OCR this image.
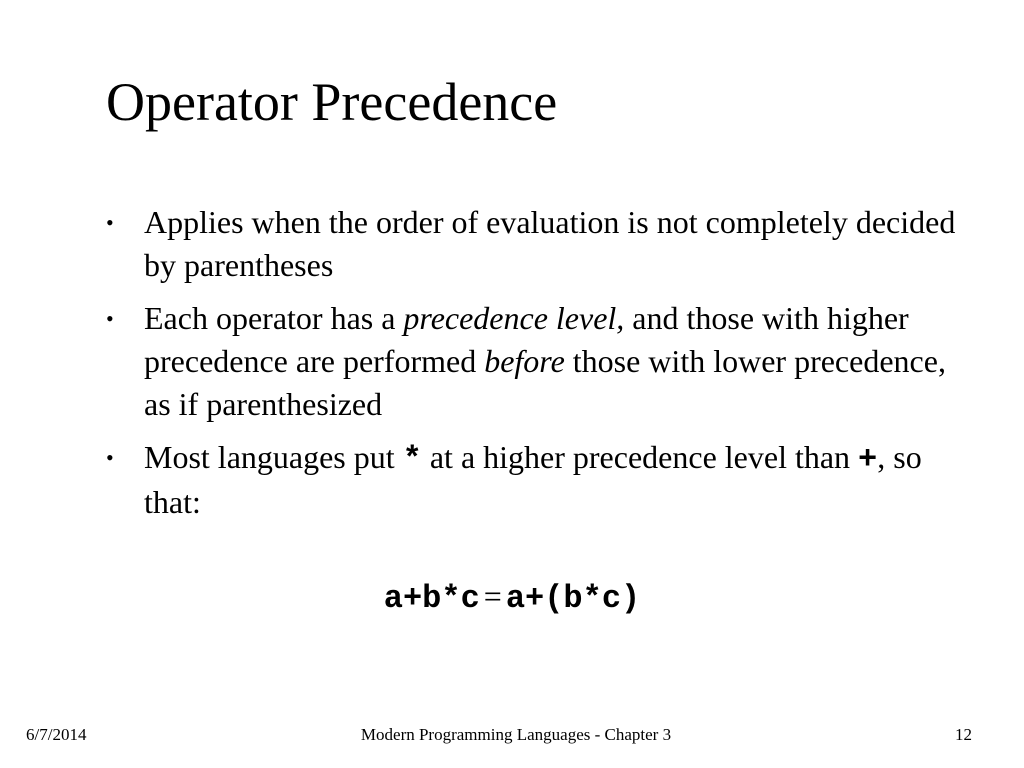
Operator Precedence
• Applies when the order of evaluation is not completely decided by parentheses
• Each operator has a precedence level, and those with higher precedence are performed before those with lower precedence, as if parenthesized
• Most languages put * at a higher precedence level than +, so that:
a+b*c = a+(b*c)
6/7/2014	Modern Programming Languages - Chapter 3	12
